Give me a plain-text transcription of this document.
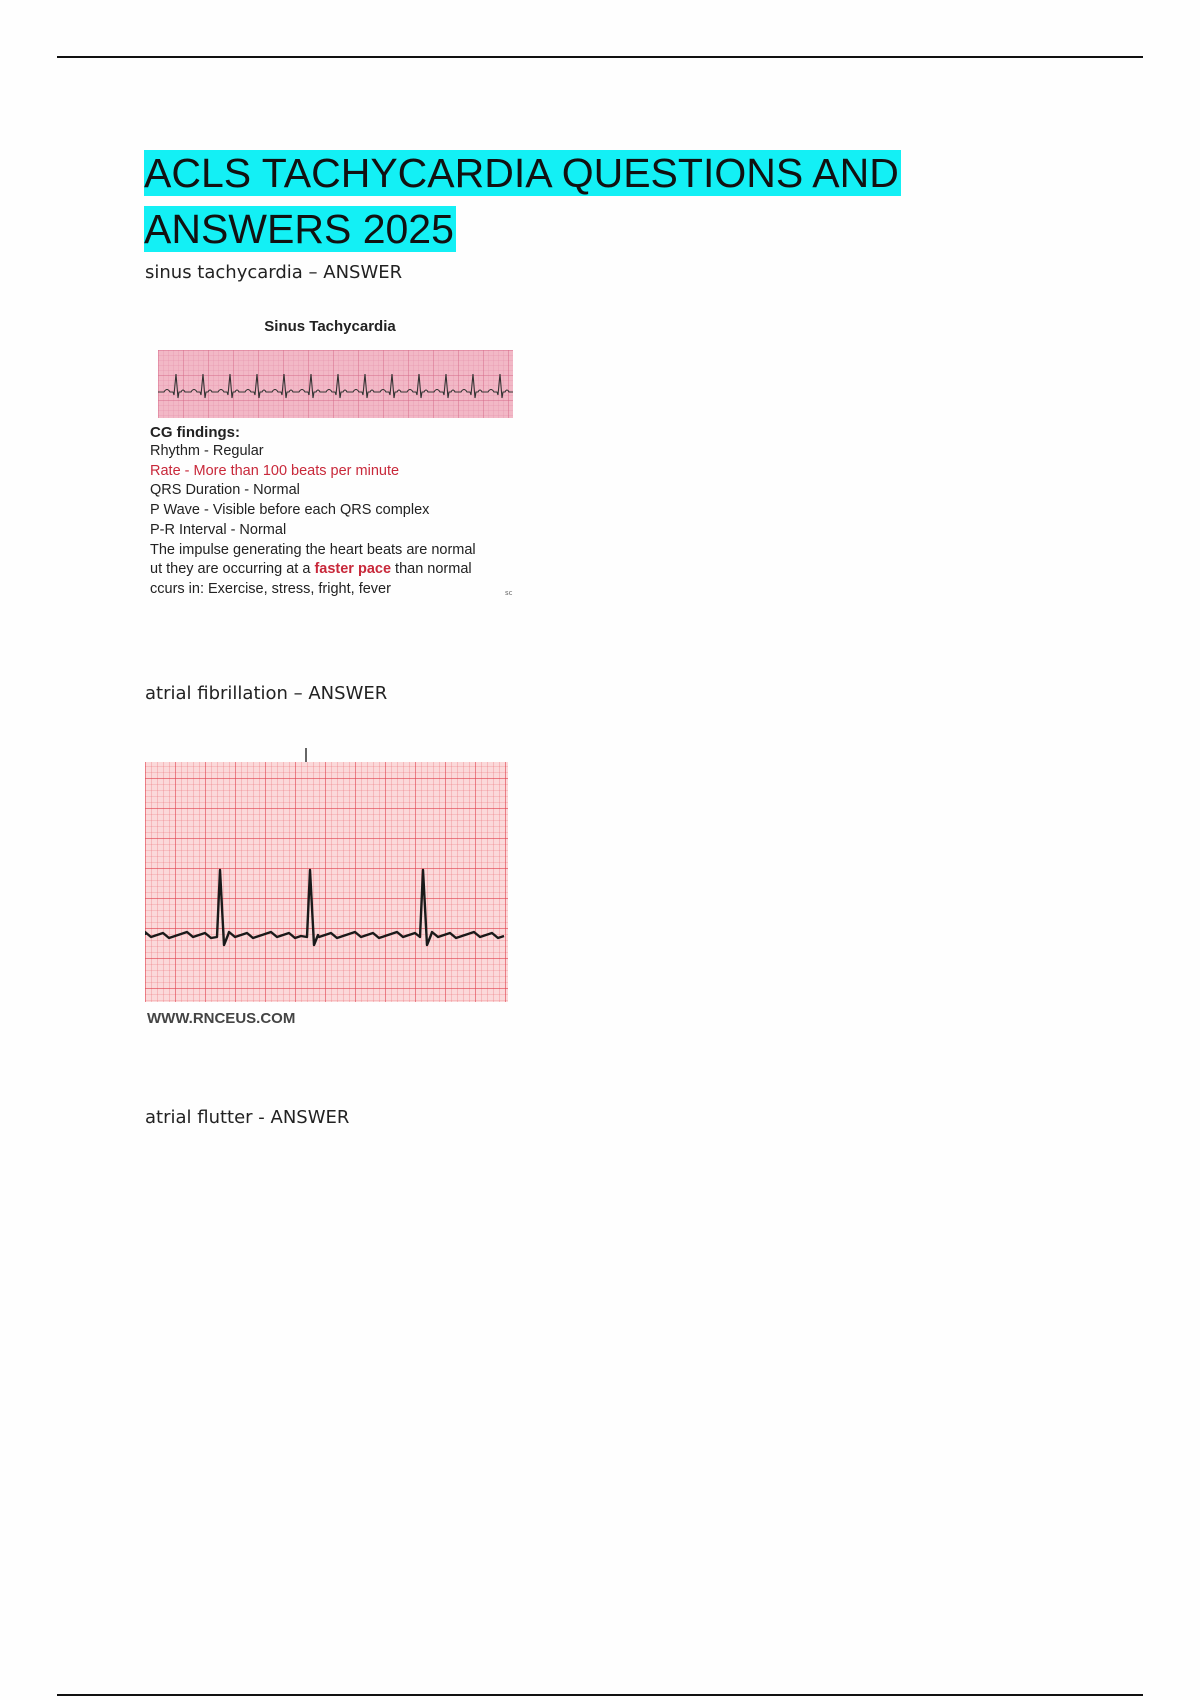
ACLS TACHYCARDIA QUESTIONS AND
ANSWERS 2025
sinus tachycardia – ANSWER
Sinus Tachycardia
CG findings:
Rhythm - Regular
Rate - More than 100 beats per minute
QRS Duration - Normal
P Wave - Visible before each QRS complex
P-R Interval - Normal
The impulse generating the heart beats are normal
ut they are occurring at a faster pace than normal
ccurs in: Exercise, stress, fright, fever	sc
atrial fibrillation – ANSWER
WWW.RNCEUS.COM
atrial flutter - ANSWER
